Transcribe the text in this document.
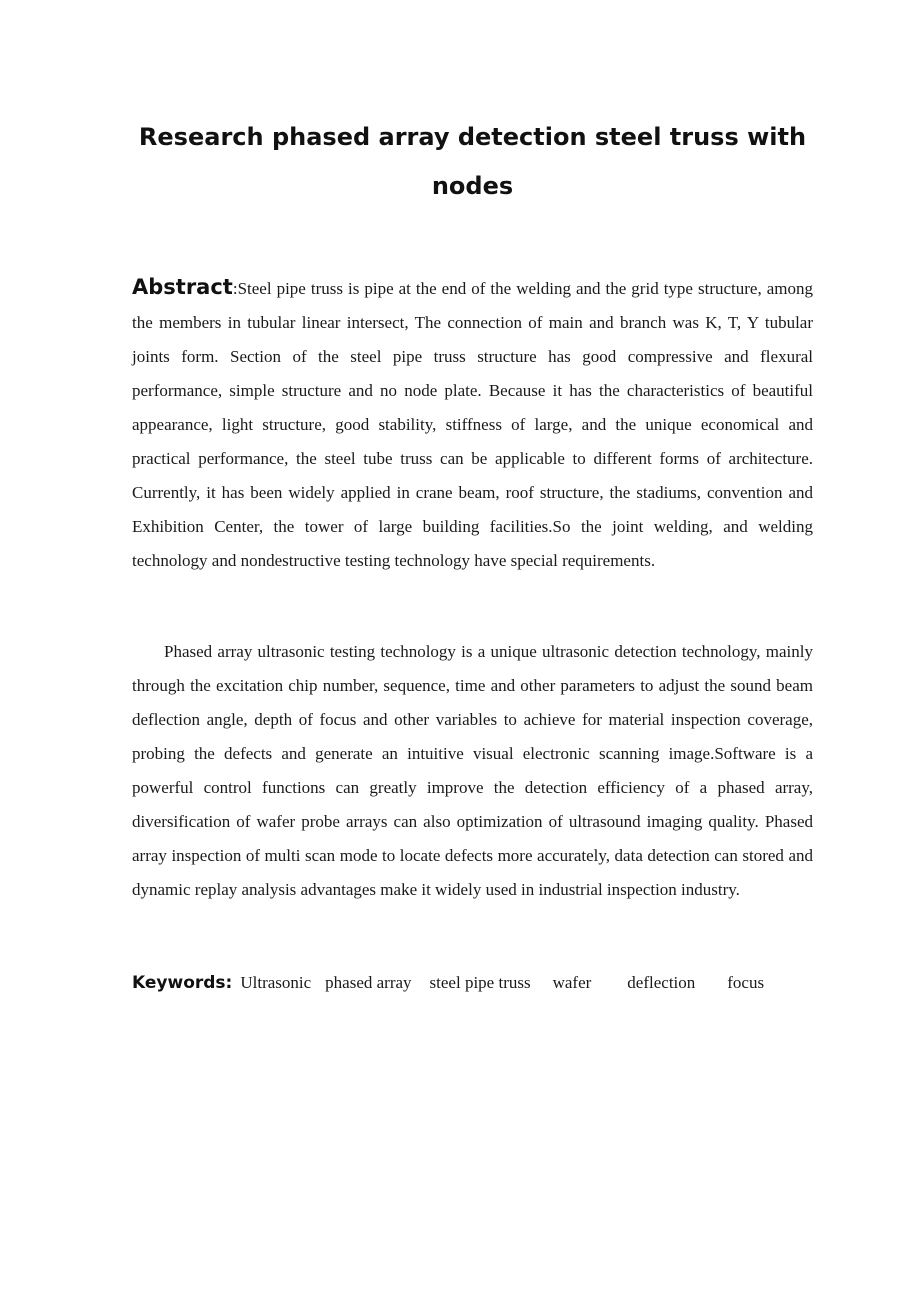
Research phased array detection steel truss with nodes

Abstract:Steel pipe truss is pipe at the end of the welding and the grid type structure, among the members in tubular linear intersect, The connection of main and branch was K, T, Y tubular joints form. Section of the steel pipe truss structure has good compressive and flexural performance, simple structure and no node plate. Because it has the characteristics of beautiful appearance, light structure, good stability, stiffness of large, and the unique economical and practical performance, the steel tube truss can be applicable to different forms of architecture. Currently, it has been widely applied in crane beam, roof structure, the stadiums, convention and Exhibition Center, the tower of large building facilities.So the joint welding, and welding technology and nondestructive testing technology have special requirements.

Phased array ultrasonic testing technology is a unique ultrasonic detection technology, mainly through the excitation chip number, sequence, time and other parameters to adjust the sound beam deflection angle, depth of focus and other variables to achieve for material inspection coverage, probing the defects and generate an intuitive visual electronic scanning image.Software is a powerful control functions can greatly improve the detection efficiency of a phased array, diversification of wafer probe arrays can also optimization of ultrasound imaging quality. Phased array inspection of multi scan mode to locate defects more accurately, data detection can stored and dynamic replay analysis advantages make it widely used in industrial inspection industry.

Keywords: Ultrasonic phased array steel pipe truss wafer deflection focus
